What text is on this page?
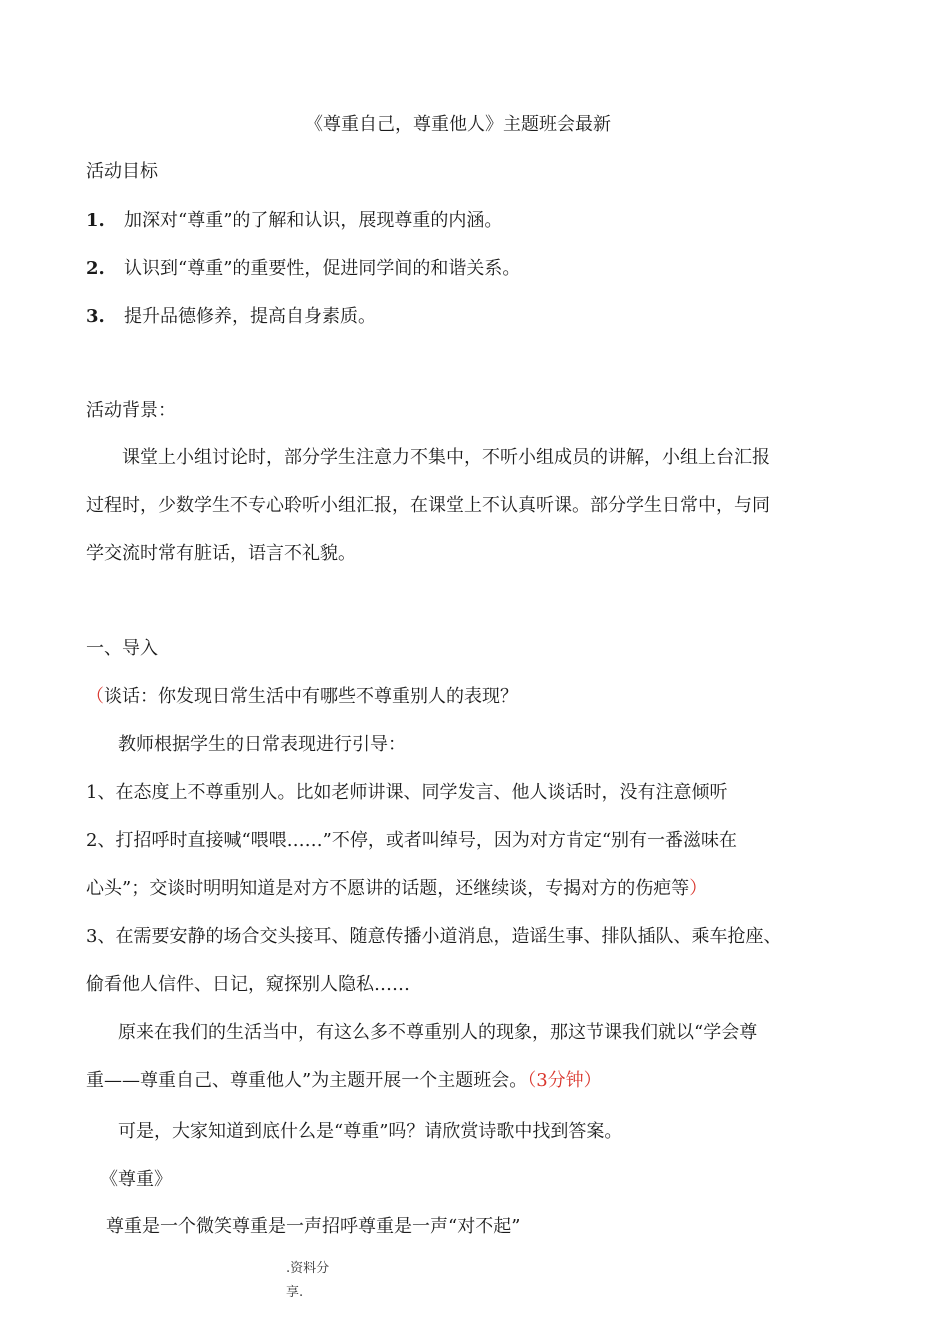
《尊重自己，尊重他人》主题班会最新
活动目标
1. 加深对“尊重”的了解和认识，展现尊重的内涵。
2. 认识到“尊重”的重要性，促进同学间的和谐关系。
3. 提升品德修养，提高自身素质。
活动背景：
课堂上小组讨论时，部分学生注意力不集中，不听小组成员的讲解，小组上台汇报
过程时，少数学生不专心聆听小组汇报，在课堂上不认真听课。部分学生日常中，与同
学交流时常有脏话，语言不礼貌。
一、导入
（谈话：你发现日常生活中有哪些不尊重别人的表现？
教师根据学生的日常表现进行引导：
1、在态度上不尊重别人。比如老师讲课、同学发言、他人谈话时，没有注意倾听
2、打招呼时直接喊“喂喂……”不停，或者叫绰号，因为对方肯定“别有一番滋味在
心头”；交谈时明明知道是对方不愿讲的话题，还继续谈，专揭对方的伤疤等）
3、在需要安静的场合交头接耳、随意传播小道消息，造谣生事、排队插队、乘车抢座、
偷看他人信件、日记，窥探别人隐私……
原来在我们的生活当中，有这么多不尊重别人的现象，那这节课我们就以“学会尊
重——尊重自己、尊重他人”为主题开展一个主题班会。（3分钟）
可是，大家知道到底什么是“尊重”吗？请欣赏诗歌中找到答案。
《尊重》
尊重是一个微笑尊重是一声招呼尊重是一声“对不起”
.资料分
享.
